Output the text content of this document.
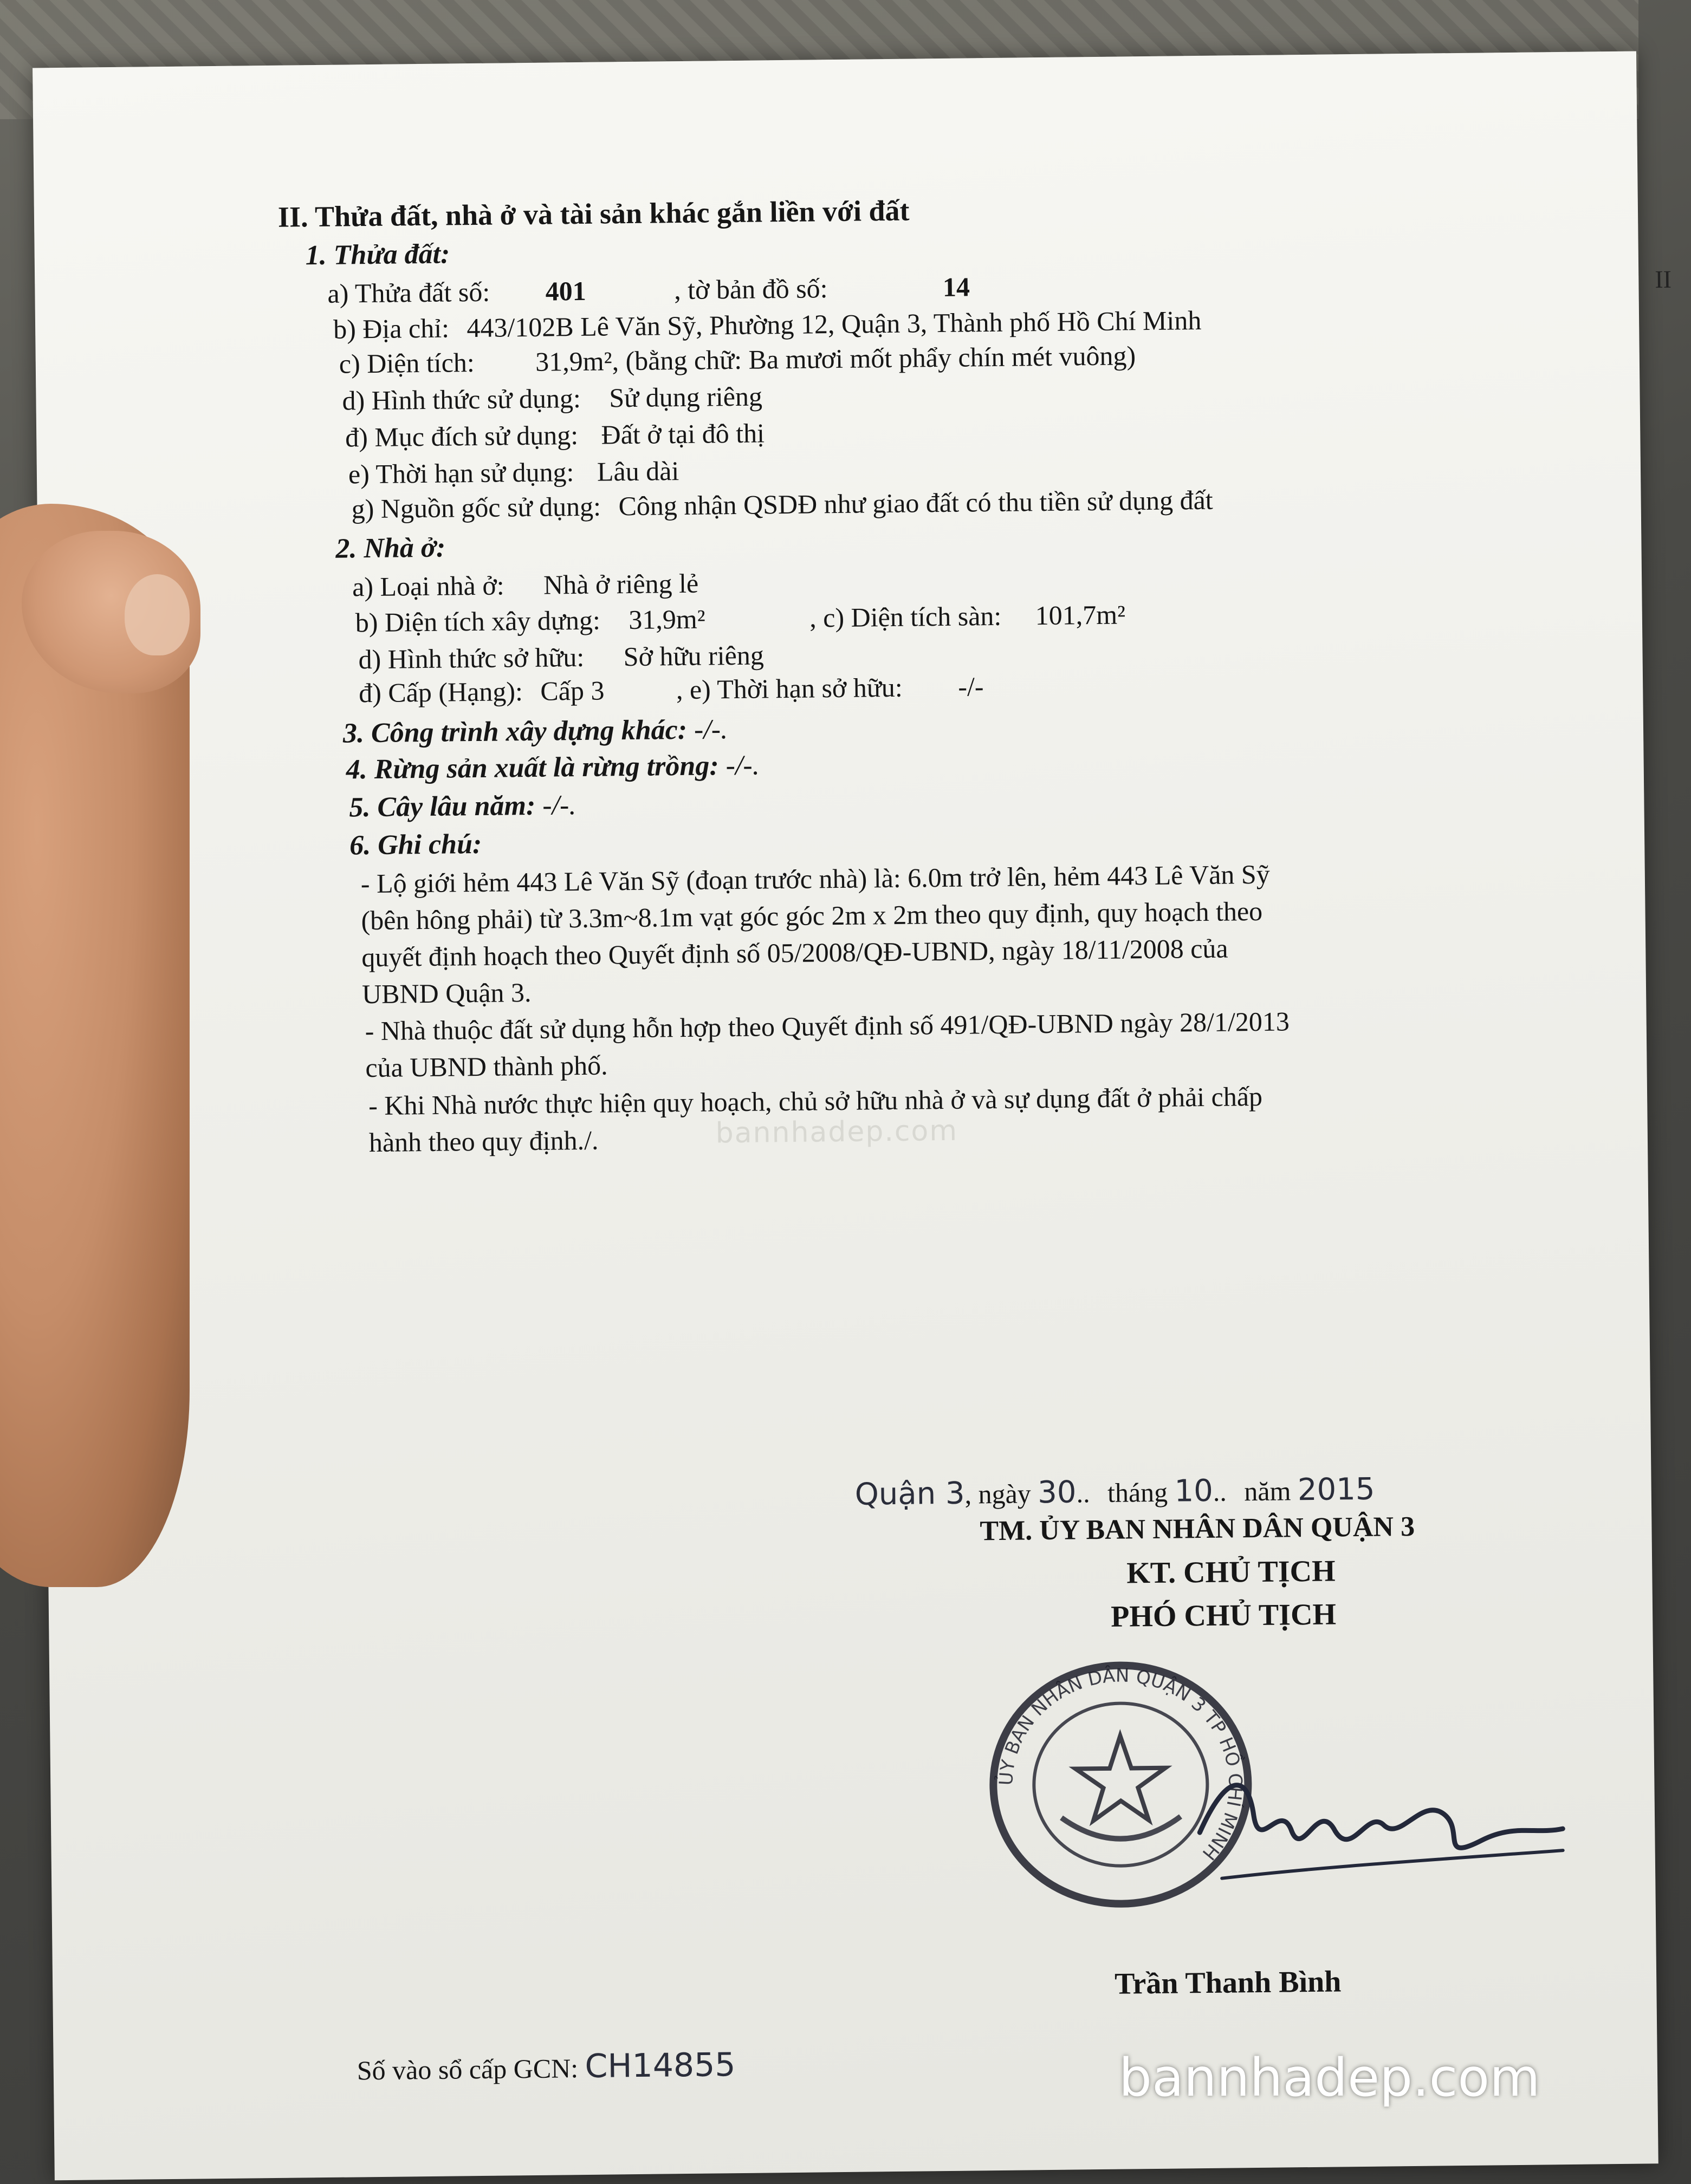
II. Thửa đất, nhà ở và tài sản khác gắn liền với đất
1. Thửa đất:
a) Thửa đất số: 401	, tờ bản đồ số:	14
b) Địa chỉ: 443/102B Lê Văn Sỹ, Phường 12, Quận 3, Thành phố Hồ Chí Minh
c) Diện tích: 31,9m², (bằng chữ: Ba mươi mốt phẩy chín mét vuông)
d) Hình thức sử dụng: Sử dụng riêng
đ) Mục đích sử dụng: Đất ở tại đô thị
e) Thời hạn sử dụng: Lâu dài
g) Nguồn gốc sử dụng: Công nhận QSDĐ như giao đất có thu tiền sử dụng đất
2. Nhà ở:
a) Loại nhà ở: Nhà ở riêng lẻ
b) Diện tích xây dựng: 31,9m²	, c) Diện tích sàn: 101,7m²
d) Hình thức sở hữu: Sở hữu riêng
đ) Cấp (Hạng): Cấp 3	, e) Thời hạn sở hữu: -/-
3. Công trình xây dựng khác: -/-.
4. Rừng sản xuất là rừng trồng: -/-.
5. Cây lâu năm: -/-.
6. Ghi chú:
- Lộ giới hẻm 443 Lê Văn Sỹ (đoạn trước nhà) là: 6.0m trở lên, hẻm 443 Lê Văn Sỹ
(bên hông phải) từ 3.3m~8.1m vạt góc góc 2m x 2m theo quy định, quy hoạch theo
quyết định hoạch theo Quyết định số 05/2008/QĐ-UBND, ngày 18/11/2008 của
UBND Quận 3.
- Nhà thuộc đất sử dụng hỗn hợp theo Quyết định số 491/QĐ-UBND ngày 28/1/2013
của UBND thành phố.
- Khi Nhà nước thực hiện quy hoạch, chủ sở hữu nhà ở và sự dụng đất ở phải chấp
hành theo quy định./.
Quận 3, ngày 30.. tháng 10.. năm 2015
TM. ỦY BAN NHÂN DÂN QUẬN 3
KT. CHỦ TỊCH
PHÓ CHỦ TỊCH
Trần Thanh Bình
Số vào sổ cấp GCN: CH14855
bannhadep.com
ỦY BAN NHÂN DÂN QUẬN 3 TP HỒ CHÍ MINH
II
bannhadep.com
